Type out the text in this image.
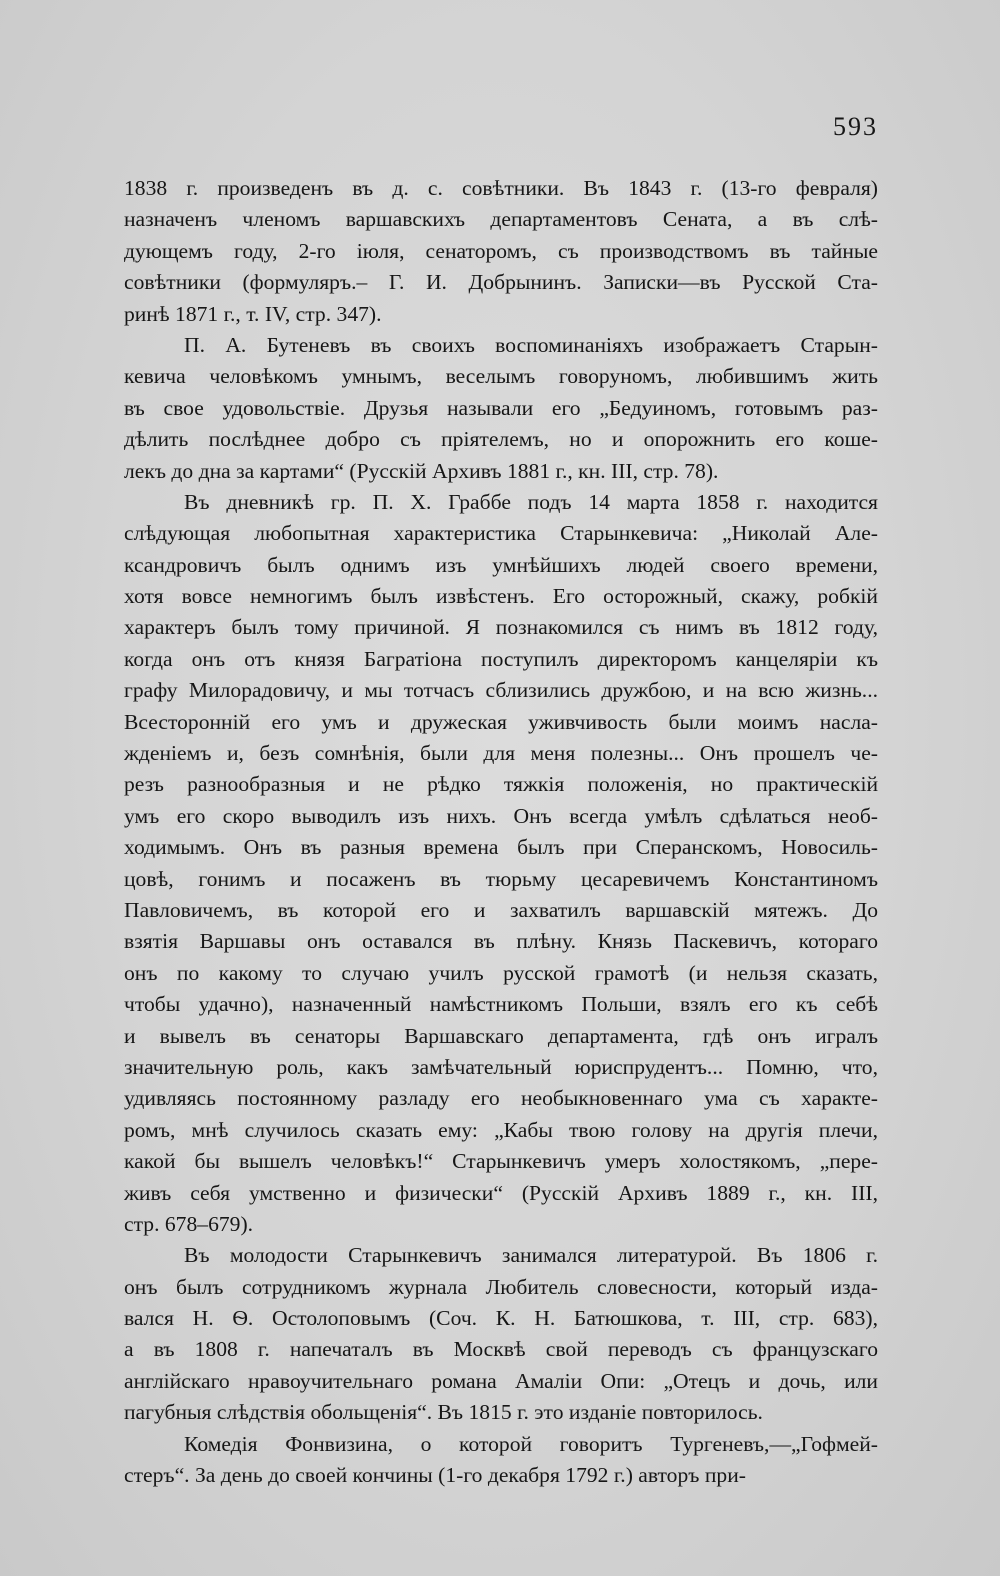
593
1838 г. произведенъ въ д. с. совѣтники. Въ 1843 г. (13-го февраля)
назначенъ членомъ варшавскихъ департаментовъ Сената, а въ слѣ-
дующемъ году, 2-го іюля, сенаторомъ, съ производствомъ въ тайные
совѣтники (формуляръ.– Г. И. Добрынинъ. Записки—въ Русской Ста-
ринѣ 1871 г., т. IV, стр. 347).
П. А. Бутеневъ въ своихъ воспоминаніяхъ изображаетъ Старын-
кевича человѣкомъ умнымъ, веселымъ говоруномъ, любившимъ жить
въ свое удовольствіе. Друзья называли его „Бедуиномъ, готовымъ раз-
дѣлить послѣднее добро съ пріятелемъ, но и опорожнить его коше-
лекъ до дна за картами“ (Русскій Архивъ 1881 г., кн. III, стр. 78).
Въ дневникѣ гр. П. Х. Граббе подъ 14 марта 1858 г. находится
слѣдующая любопытная характеристика Старынкевича: „Николай Але-
ксандровичъ былъ однимъ изъ умнѣйшихъ людей своего времени,
хотя вовсе немногимъ былъ извѣстенъ. Его осторожный, скажу, робкій
характеръ былъ тому причиной. Я познакомился съ нимъ въ 1812 году,
когда онъ отъ князя Багратіона поступилъ директоромъ канцеляріи къ
графу Милорадовичу, и мы тотчасъ сблизились дружбою, и на всю жизнь...
Всесторонній его умъ и дружеская уживчивость были моимъ насла-
жденіемъ и, безъ сомнѣнія, были для меня полезны... Онъ прошелъ че-
резъ разнообразныя и не рѣдко тяжкія положенія, но практическій
умъ его скоро выводилъ изъ нихъ. Онъ всегда умѣлъ сдѣлаться необ-
ходимымъ. Онъ въ разныя времена былъ при Сперанскомъ, Новосиль-
цовѣ, гонимъ и посаженъ въ тюрьму цесаревичемъ Константиномъ
Павловичемъ, въ которой его и захватилъ варшавскій мятежъ. До
взятія Варшавы онъ оставался въ плѣну. Князь Паскевичъ, котораго
онъ по какому то случаю училъ русской грамотѣ (и нельзя сказать,
чтобы удачно), назначенный намѣстникомъ Польши, взялъ его къ себѣ
и вывелъ въ сенаторы Варшавскаго департамента, гдѣ онъ игралъ
значительную роль, какъ замѣчательный юриспрудентъ... Помню, что,
удивляясь постоянному разладу его необыкновеннаго ума съ характе-
ромъ, мнѣ случилось сказать ему: „Кабы твою голову на другія плечи,
какой бы вышелъ человѣкъ!“ Старынкевичъ умеръ холостякомъ, „пере-
живъ себя умственно и физически“ (Русскій Архивъ 1889 г., кн. III,
стр. 678–679).
Въ молодости Старынкевичъ занимался литературой. Въ 1806 г.
онъ былъ сотрудникомъ журнала Любитель словесности, который изда-
вался Н. Ѳ. Остолоповымъ (Соч. К. Н. Батюшкова, т. III, стр. 683),
а въ 1808 г. напечаталъ въ Москвѣ свой переводъ съ французскаго
англійскаго нравоучительнаго романа Амаліи Опи: „Отецъ и дочь, или
пагубныя слѣдствія обольщенія“. Въ 1815 г. это изданіе повторилось.
Комедія Фонвизина, о которой говоритъ Тургеневъ,—„Гофмей-
стеръ“. За день до своей кончины (1-го декабря 1792 г.) авторъ при-
